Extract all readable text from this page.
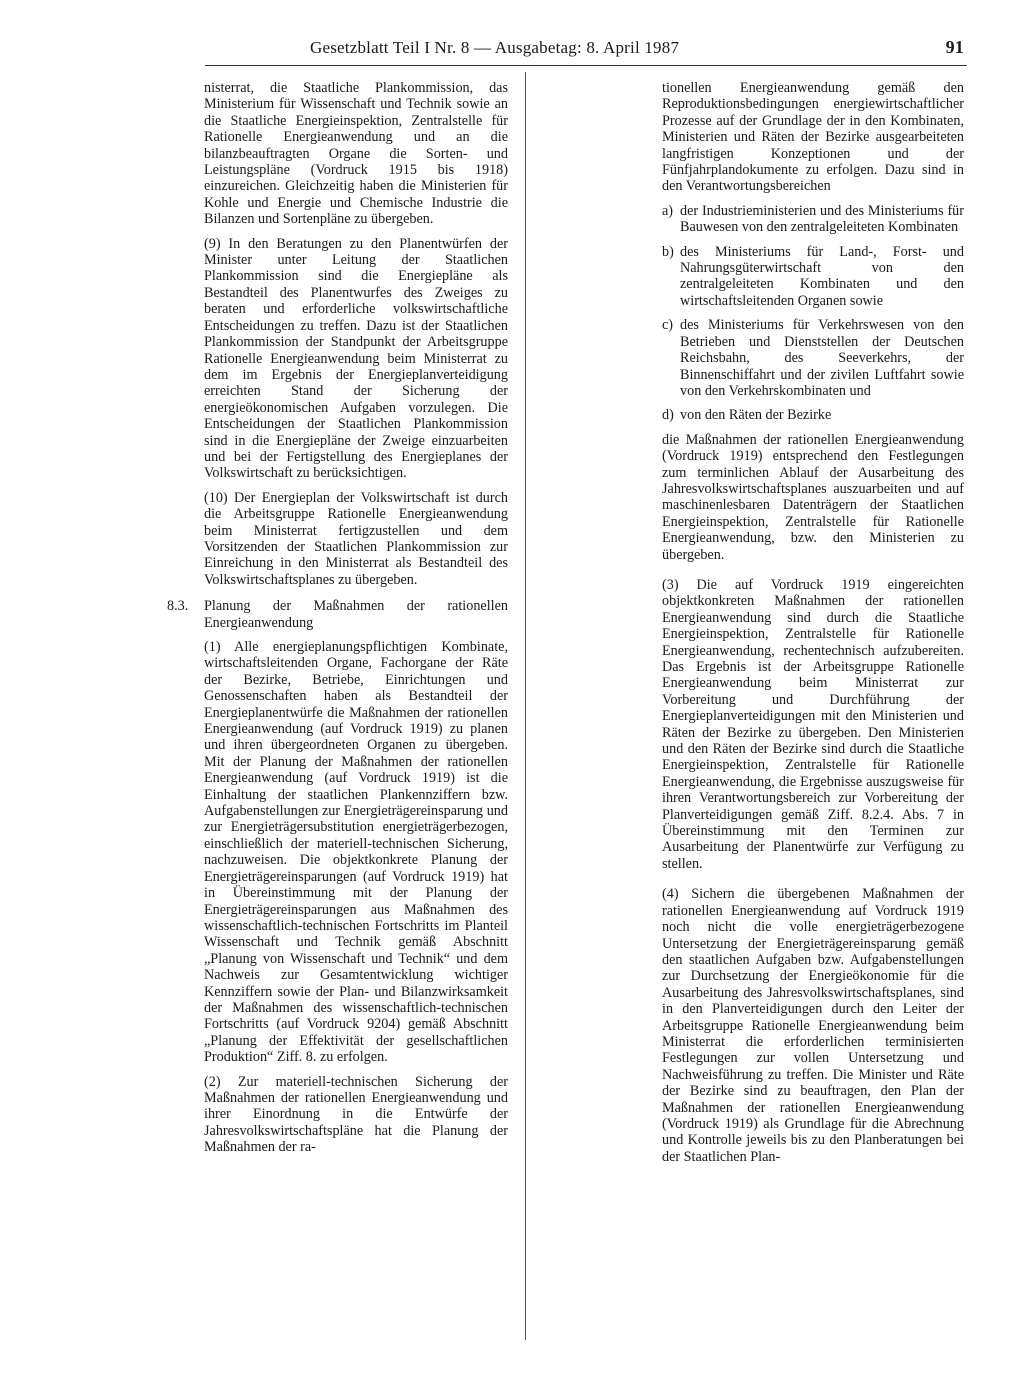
Gesetzblatt Teil I Nr. 8 — Ausgabetag: 8. April 1987	91

nisterrat, die Staatliche Plankommission, das Ministerium für Wissenschaft und Technik sowie an die Staatliche Energieinspektion, Zentralstelle für Rationelle Energieanwendung und an die bilanzbeauftragten Organe die Sorten- und Leistungspläne (Vordruck 1915 bis 1918) einzureichen. Gleichzeitig haben die Ministerien für Kohle und Energie und Chemische Industrie die Bilanzen und Sortenpläne zu übergeben.

(9) In den Beratungen zu den Planentwürfen der Minister unter Leitung der Staatlichen Plankommission sind die Energiepläne als Bestandteil des Planentwurfes des Zweiges zu beraten und erforderliche volkswirtschaftliche Entscheidungen zu treffen. Dazu ist der Staatlichen Plankommission der Standpunkt der Arbeitsgruppe Rationelle Energieanwendung beim Ministerrat zu dem im Ergebnis der Energieplanverteidigung erreichten Stand der Sicherung der energieökonomischen Aufgaben vorzulegen. Die Entscheidungen der Staatlichen Plankommission sind in die Energiepläne der Zweige einzuarbeiten und bei der Fertigstellung des Energieplanes der Volkswirtschaft zu berücksichtigen.

(10) Der Energieplan der Volkswirtschaft ist durch die Arbeitsgruppe Rationelle Energieanwendung beim Ministerrat fertigzustellen und dem Vorsitzenden der Staatlichen Plankommission zur Einreichung in den Ministerrat als Bestandteil des Volkswirtschaftsplanes zu übergeben.

8.3. Planung der Maßnahmen der rationellen Energieanwendung

(1) Alle energieplanungspflichtigen Kombinate, wirtschaftsleitenden Organe, Fachorgane der Räte der Bezirke, Betriebe, Einrichtungen und Genossenschaften haben als Bestandteil der Energieplanentwürfe die Maßnahmen der rationellen Energieanwendung (auf Vordruck 1919) zu planen und ihren übergeordneten Organen zu übergeben. Mit der Planung der Maßnahmen der rationellen Energieanwendung (auf Vordruck 1919) ist die Einhaltung der staatlichen Plankennziffern bzw. Aufgabenstellungen zur Energieträgereinsparung und zur Energieträgersubstitution energieträgerbezogen, einschließlich der materiell-technischen Sicherung, nachzuweisen. Die objektkonkrete Planung der Energieträgereinsparungen (auf Vordruck 1919) hat in Übereinstimmung mit der Planung der Energieträgereinsparungen aus Maßnahmen des wissenschaftlich-technischen Fortschritts im Planteil Wissenschaft und Technik gemäß Abschnitt „Planung von Wissenschaft und Technik“ und dem Nachweis zur Gesamtentwicklung wichtiger Kennziffern sowie der Plan- und Bilanzwirksamkeit der Maßnahmen des wissenschaftlich-technischen Fortschritts (auf Vordruck 9204) gemäß Abschnitt „Planung der Effektivität der gesellschaftlichen Produktion“ Ziff. 8. zu erfolgen.

(2) Zur materiell-technischen Sicherung der Maßnahmen der rationellen Energieanwendung und ihrer Einordnung in die Entwürfe der Jahresvolkswirtschaftspläne hat die Planung der Maßnahmen der ra-

tionellen Energieanwendung gemäß den Reproduktionsbedingungen energiewirtschaftlicher Prozesse auf der Grundlage der in den Kombinaten, Ministerien und Räten der Bezirke ausgearbeiteten langfristigen Konzeptionen und der Fünfjahrplandokumente zu erfolgen. Dazu sind in den Verantwortungsbereichen

a) der Industrieministerien und des Ministeriums für Bauwesen von den zentralgeleiteten Kombinaten
b) des Ministeriums für Land-, Forst- und Nahrungsgüterwirtschaft von den zentralgeleiteten Kombinaten und den wirtschaftsleitenden Organen sowie
c) des Ministeriums für Verkehrswesen von den Betrieben und Dienststellen der Deutschen Reichsbahn, des Seeverkehrs, der Binnenschiffahrt und der zivilen Luftfahrt sowie von den Verkehrskombinaten und
d) von den Räten der Bezirke

die Maßnahmen der rationellen Energieanwendung (Vordruck 1919) entsprechend den Festlegungen zum terminlichen Ablauf der Ausarbeitung des Jahresvolkswirtschaftsplanes auszuarbeiten und auf maschinenlesbaren Datenträgern der Staatlichen Energieinspektion, Zentralstelle für Rationelle Energieanwendung, bzw. den Ministerien zu übergeben.

(3) Die auf Vordruck 1919 eingereichten objektkonkreten Maßnahmen der rationellen Energieanwendung sind durch die Staatliche Energieinspektion, Zentralstelle für Rationelle Energieanwendung, rechentechnisch aufzubereiten. Das Ergebnis ist der Arbeitsgruppe Rationelle Energieanwendung beim Ministerrat zur Vorbereitung und Durchführung der Energieplanverteidigungen mit den Ministerien und Räten der Bezirke zu übergeben. Den Ministerien und den Räten der Bezirke sind durch die Staatliche Energieinspektion, Zentralstelle für Rationelle Energieanwendung, die Ergebnisse auszugsweise für ihren Verantwortungsbereich zur Vorbereitung der Planverteidigungen gemäß Ziff. 8.2.4. Abs. 7 in Übereinstimmung mit den Terminen zur Ausarbeitung der Planentwürfe zur Verfügung zu stellen.

(4) Sichern die übergebenen Maßnahmen der rationellen Energieanwendung auf Vordruck 1919 noch nicht die volle energieträgerbezogene Untersetzung der Energieträgereinsparung gemäß den staatlichen Aufgaben bzw. Aufgabenstellungen zur Durchsetzung der Energieökonomie für die Ausarbeitung des Jahresvolkswirtschaftsplanes, sind in den Planverteidigungen durch den Leiter der Arbeitsgruppe Rationelle Energieanwendung beim Ministerrat die erforderlichen terminisierten Festlegungen zur vollen Untersetzung und Nachweisführung zu treffen. Die Minister und Räte der Bezirke sind zu beauftragen, den Plan der Maßnahmen der rationellen Energieanwendung (Vordruck 1919) als Grundlage für die Abrechnung und Kontrolle jeweils bis zu den Planberatungen bei der Staatlichen Plan-
